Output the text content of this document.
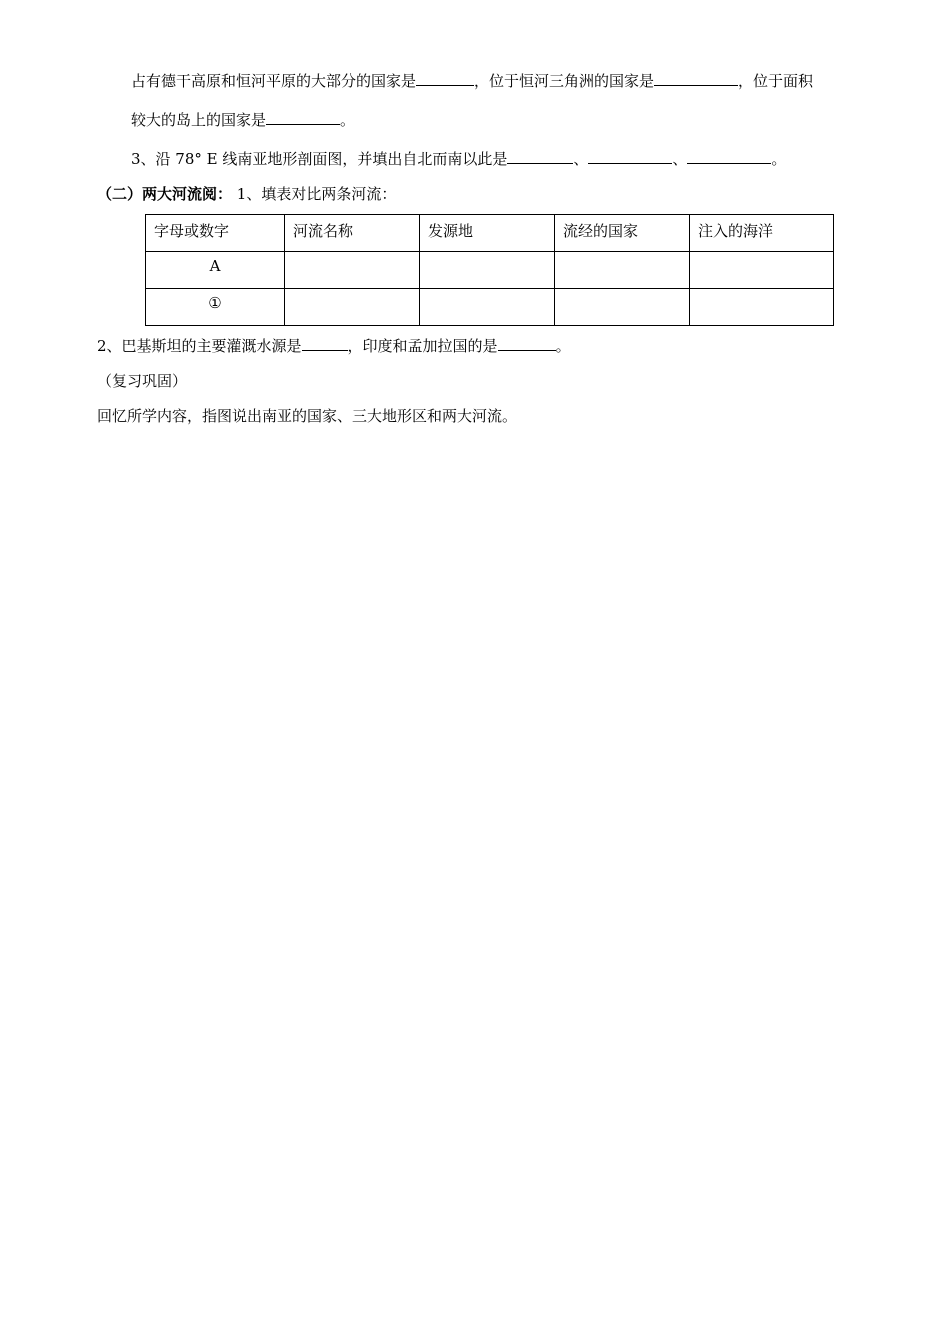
占有德干高原和恒河平原的大部分的国家是	，位于恒河三角洲的国家是	，位于面积
较大的岛上的国家是	。
3、沿 78° E 线南亚地形剖面图，并填出自北而南以此是	、	、	。
（二）两大河流阅： 1、填表对比两条河流：
字母或数字	河流名称	发源地	流经的国家	注入的海洋
A				
①				
2、巴基斯坦的主要灌溉水源是	，印度和孟加拉国的是	。
（复习巩固）
回忆所学内容，指图说出南亚的国家、三大地形区和两大河流。
